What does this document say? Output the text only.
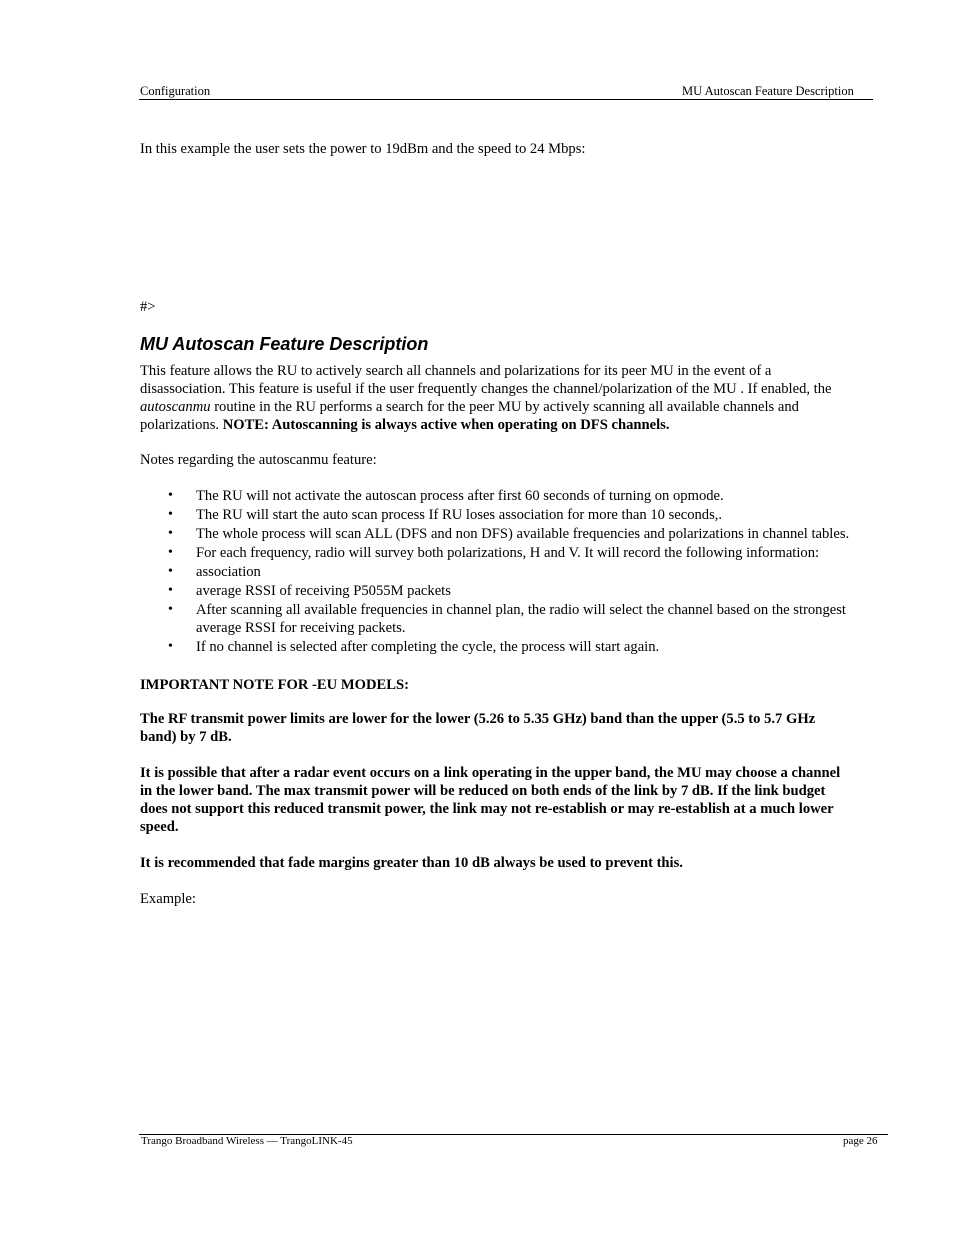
Configuration	MU Autoscan Feature Description
In this example the user sets the power to 19dBm and the speed to 24 Mbps:
#>
MU Autoscan Feature Description
This feature allows the RU to actively search all channels and polarizations for its peer MU in the event of a
disassociation. This feature is useful if the user frequently changes the channel/polarization of the MU . If enabled, the
autoscanmu routine in the RU performs a search for the peer MU by actively scanning all available channels and
polarizations. NOTE: Autoscanning is always active when operating on DFS channels.
Notes regarding the autoscanmu feature:
• The RU will not activate the autoscan process after first 60 seconds of turning on opmode.
• The RU will start the auto scan process If RU loses association for more than 10 seconds,.
• The whole process will scan ALL (DFS and non DFS) available frequencies and polarizations in channel tables.
• For each frequency, radio will survey both polarizations, H and V. It will record the following information:
• association
• average RSSI of receiving P5055M packets
• After scanning all available frequencies in channel plan, the radio will select the channel based on the strongest
average RSSI for receiving packets.
• If no channel is selected after completing the cycle, the process will start again.
IMPORTANT NOTE FOR -EU MODELS:
The RF transmit power limits are lower for the lower (5.26 to 5.35 GHz) band than the upper (5.5 to 5.7 GHz
band) by 7 dB.
It is possible that after a radar event occurs on a link operating in the upper band, the MU may choose a channel
in the lower band. The max transmit power will be reduced on both ends of the link by 7 dB. If the link budget
does not support this reduced transmit power, the link may not re-establish or may re-establish at a much lower
speed.
It is recommended that fade margins greater than 10 dB always be used to prevent this.
Example:
Trango Broadband Wireless — TrangoLINK-45	page 26
